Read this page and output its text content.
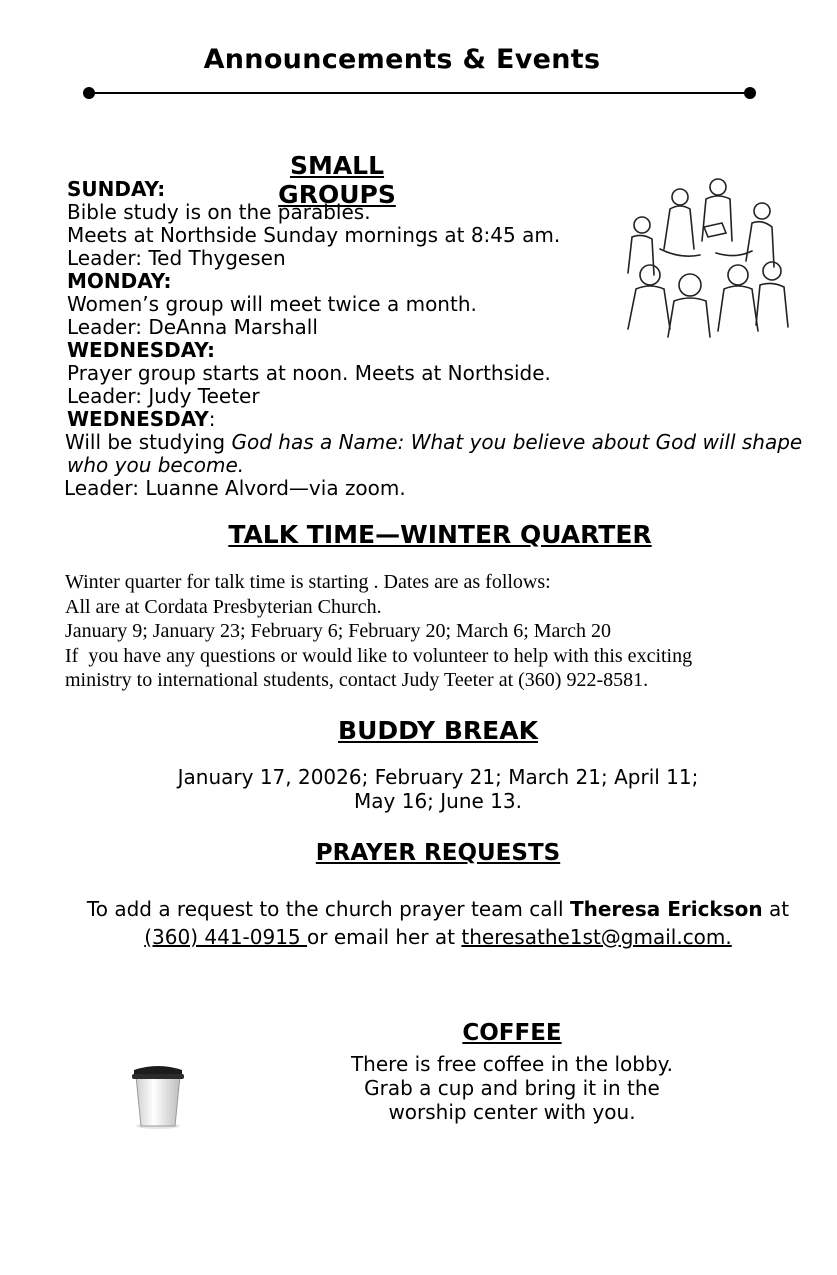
Announcements & Events
SMALL GROUPS
SUNDAY:
Bible study is on the parables.
Meets at Northside Sunday mornings at 8:45 am.
Leader: Ted Thygesen
MONDAY:
Women’s group will meet twice a month.
Leader: DeAnna Marshall
WEDNESDAY:
Prayer group starts at noon. Meets at Northside.
Leader: Judy Teeter
WEDNESDAY:
Will be studying God has a Name: What you believe about God will shape
who you become.
Leader: Luanne Alvord—via zoom.
TALK TIME—WINTER QUARTER
Winter quarter for talk time is starting . Dates are as follows:
All are at Cordata Presbyterian Church.
January 9; January 23; February 6; February 20; March 6; March 20
If  you have any questions or would like to volunteer to help with this exciting
ministry to international students, contact Judy Teeter at (360) 922-8581.
BUDDY BREAK
January 17, 20026; February 21; March 21; April 11;
May 16; June 13.
PRAYER REQUESTS
To add a request to the church prayer team call Theresa Erickson at
(360) 441-0915 or email her at theresathe1st@gmail.com.
COFFEE
There is free coffee in the lobby.
Grab a cup and bring it in the
worship center with you.
